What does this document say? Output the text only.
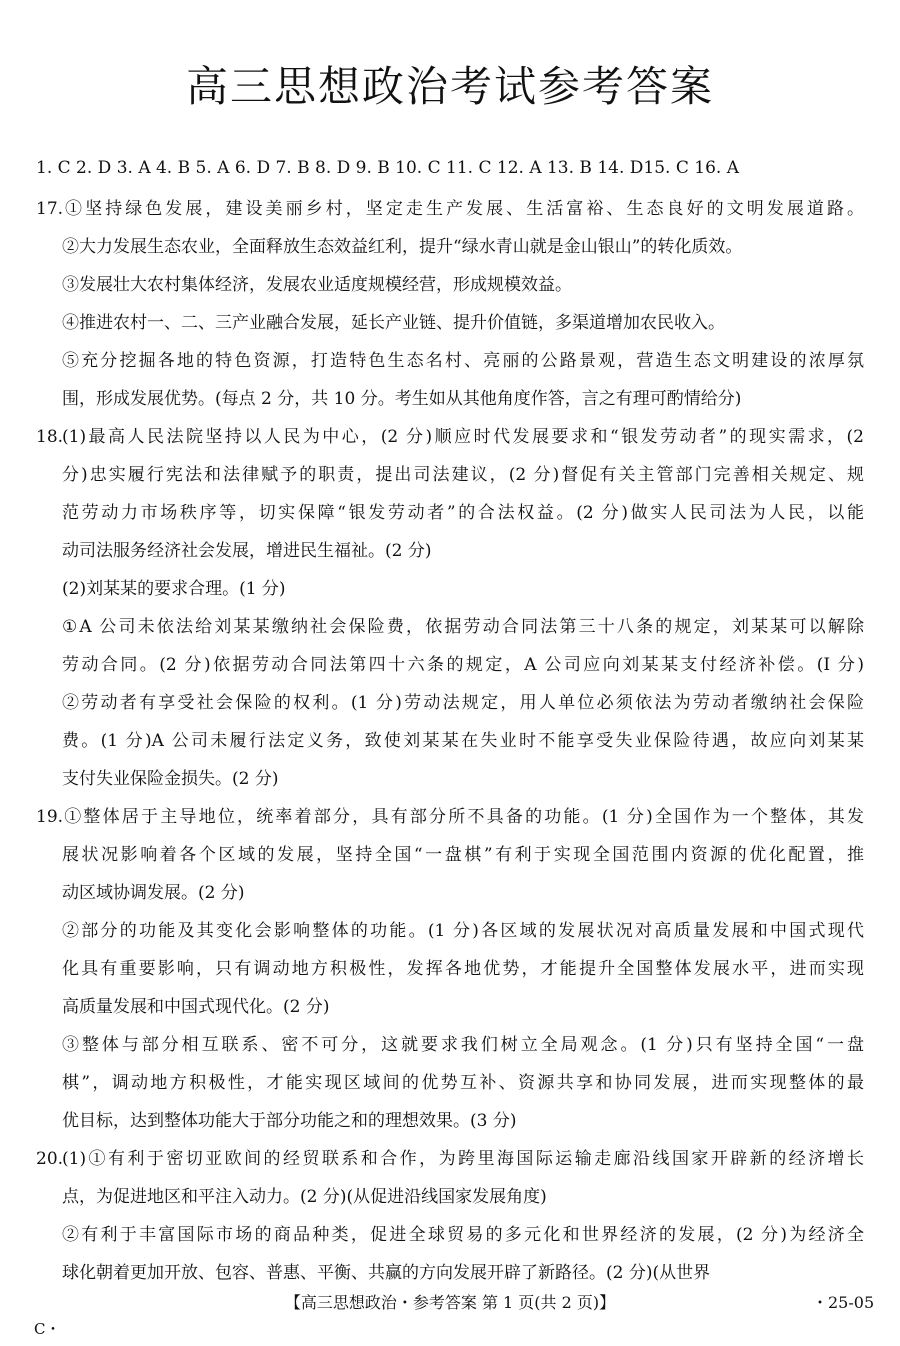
高三思想政治考试参考答案
1. C 2. D 3. A 4. B 5. A 6. D 7. B 8. D 9. B 10. C 11. C 12. A 13. B 14. D15. C 16. A
17.①坚持绿色发展，建设美丽乡村，坚定走生产发展、生活富裕、生态良好的文明发展道路。
②大力发展生态农业，全面释放生态效益红利，提升“绿水青山就是金山银山”的转化质效。
③发展壮大农村集体经济，发展农业适度规模经营，形成规模效益。
④推进农村一、二、三产业融合发展，延长产业链、提升价值链，多渠道增加农民收入。
⑤充分挖掘各地的特色资源，打造特色生态名村、亮丽的公路景观，营造生态文明建设的浓厚氛
围，形成发展优势。(每点 2 分，共 10 分。考生如从其他角度作答，言之有理可酌情给分)
18.(1)最高人民法院坚持以人民为中心，(2 分)顺应时代发展要求和“银发劳动者”的现实需求，(2
分)忠实履行宪法和法律赋予的职责，提出司法建议，(2 分)督促有关主管部门完善相关规定、规
范劳动力市场秩序等，切实保障“银发劳动者”的合法权益。(2 分)做实人民司法为人民，以能
动司法服务经济社会发展，增进民生福祉。(2 分)
(2)刘某某的要求合理。(1 分)
①A 公司未依法给刘某某缴纳社会保险费，依据劳动合同法第三十八条的规定，刘某某可以解除
劳动合同。(2 分)依据劳动合同法第四十六条的规定，A 公司应向刘某某支付经济补偿。(I 分)
②劳动者有享受社会保险的权利。(1 分)劳动法规定，用人单位必须依法为劳动者缴纳社会保险
费。(1 分)A 公司未履行法定义务，致使刘某某在失业时不能享受失业保险待遇，故应向刘某某
支付失业保险金损失。(2 分)
19.①整体居于主导地位，统率着部分，具有部分所不具备的功能。(1 分)全国作为一个整体，其发
展状况影响着各个区域的发展，坚持全国“一盘棋”有利于实现全国范围内资源的优化配置，推
动区域协调发展。(2 分)
②部分的功能及其变化会影响整体的功能。(1 分)各区域的发展状况对高质量发展和中国式现代
化具有重要影响，只有调动地方积极性，发挥各地优势，才能提升全国整体发展水平，进而实现
高质量发展和中国式现代化。(2 分)
③整体与部分相互联系、密不可分，这就要求我们树立全局观念。(1 分)只有坚持全国“一盘
棋”，调动地方积极性，才能实现区域间的优势互补、资源共享和协同发展，进而实现整体的最
优目标，达到整体功能大于部分功能之和的理想效果。(3 分)
20.(1)①有利于密切亚欧间的经贸联系和合作，为跨里海国际运输走廊沿线国家开辟新的经济增长
点，为促进地区和平注入动力。(2 分)(从促进沿线国家发展角度)
②有利于丰富国际市场的商品种类，促进全球贸易的多元化和世界经济的发展，(2 分)为经济全
球化朝着更加开放、包容、普惠、平衡、共赢的方向发展开辟了新路径。(2 分)(从世界
【高三思想政治・参考答案 第 1 页(共 2 页)】	・25-05
C・
